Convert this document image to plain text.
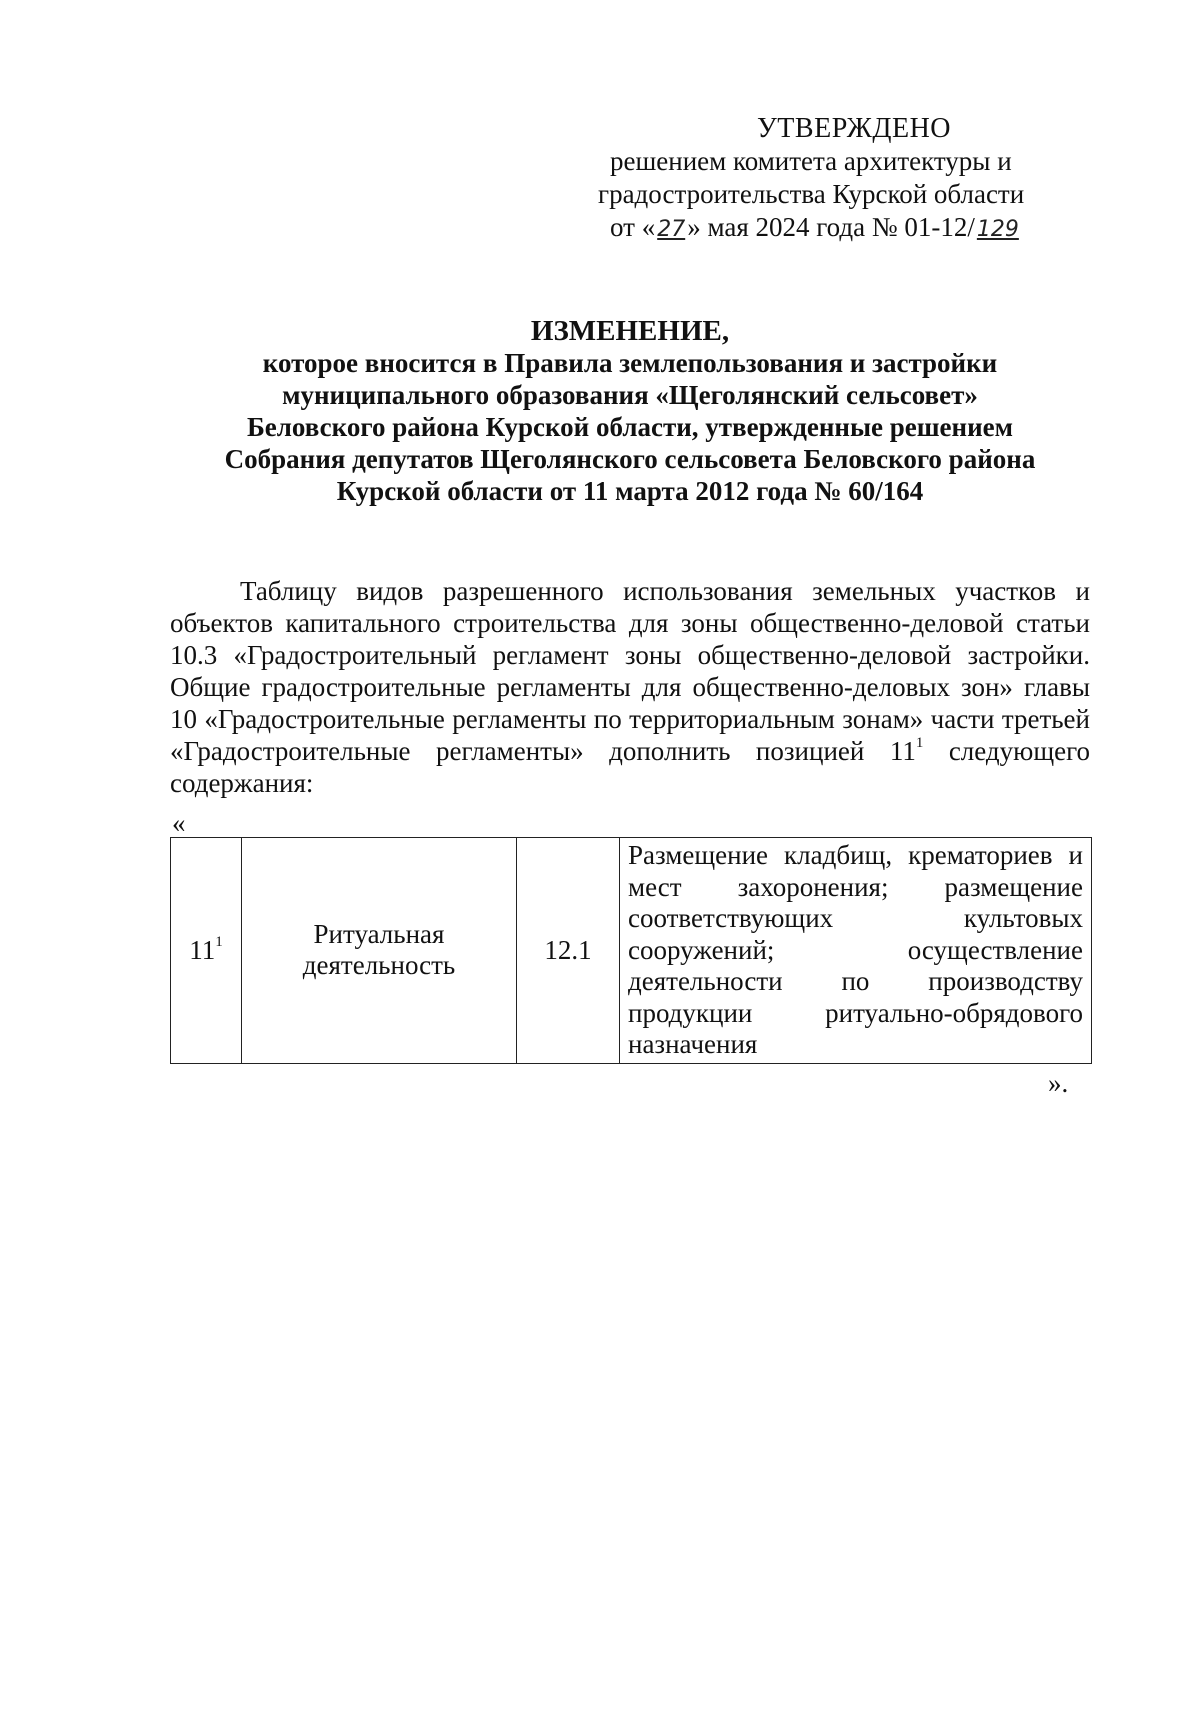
УТВЕРЖДЕНО
решением комитета архитектуры и
градостроительства Курской области
от «27» мая 2024 года № 01-12/129
ИЗМЕНЕНИЕ,
которое вносится в Правила землепользования и застройки
муниципального образования «Щеголянский сельсовет»
Беловского района Курской области, утвержденные решением
Собрания депутатов Щеголянского сельсовета Беловского района
Курской области от 11 марта 2012 года № 60/164
Таблицу видов разрешенного использования земельных участков и объектов капитального строительства для зоны общественно-деловой статьи 10.3 «Градостроительный регламент зоны общественно-деловой застройки. Общие градостроительные регламенты для общественно-деловых зон» главы 10 «Градостроительные регламенты по территориальным зонам» части третьей «Градостроительные регламенты» дополнить позицией $11^1$ следующего содержания:
«
$11^1$	Ритуальная деятельность	12.1	Размещение кладбищ, крематориев и мест захоронения; размещение соответствующих культовых сооружений; осуществление деятельности по производству продукции ритуально-обрядового назначения
».
